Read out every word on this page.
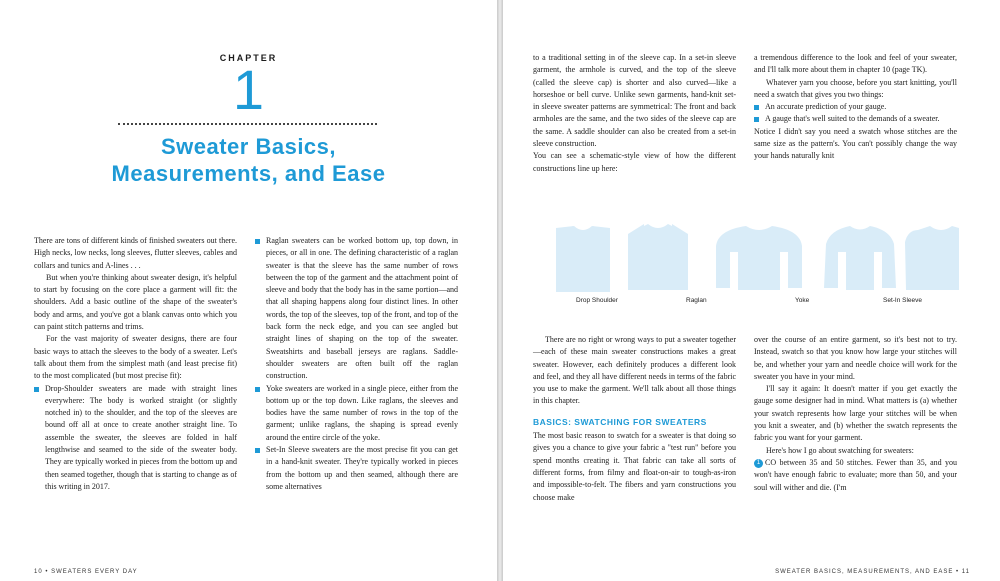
CHAPTER
1
Sweater Basics,
Measurements, and Ease

There are tons of different kinds of finished sweaters out there. High necks, low necks, long sleeves, flutter sleeves, cables and collars and tunics and A-lines . . .

But when you're thinking about sweater design, it's helpful to start by focusing on the core place a garment will fit: the shoulders. Add a basic outline of the shape of the sweater's body and arms, and you've got a blank canvas onto which you can paint stitch patterns and trims.

For the vast majority of sweater designs, there are four basic ways to attach the sleeves to the body of a sweater. Let's talk about them from the simplest math (and least precise fit) to the most complicated (but most precise fit):

Drop-Shoulder sweaters are made with straight lines everywhere: The body is worked straight (or slightly notched in) to the shoulder, and the top of the sleeves are bound off all at once to create another straight line. To assemble the sweater, the sleeves are folded in half lengthwise and seamed to the side of the sweater body. They are typically worked in pieces from the bottom up and then seamed together, though that is starting to change as of this writing in 2017.
Raglan sweaters can be worked bottom up, top down, in pieces, or all in one. The defining characteristic of a raglan sweater is that the sleeve has the same number of rows between the top of the garment and the attachment point of sleeve and body that the body has in the same portion—and that all shaping happens along four distinct lines. In other words, the top of the sleeves, top of the front, and top of the back form the neck edge, and you can see angled but straight lines of shaping on the top of the sweater. Sweatshirts and baseball jerseys are raglans. Saddle-shoulder sweaters are often built off the raglan construction.
Yoke sweaters are worked in a single piece, either from the bottom up or the top down. Like raglans, the sleeves and bodies have the same number of rows in the top of the garment; unlike raglans, the shaping is spread evenly around the entire circle of the yoke.
Set-In Sleeve sweaters are the most precise fit you can get in a hand-knit sweater. They're typically worked in pieces from the bottom up and then seamed, although there are some alternatives
10 • SWEATERS EVERY DAY

to a traditional setting in of the sleeve cap. In a set-in sleeve garment, the armhole is curved, and the top of the sleeve (called the sleeve cap) is shorter and also curved—like a horseshoe or bell curve. Unlike sewn garments, hand-knit set-in sleeve sweater patterns are symmetrical: The front and back armholes are the same, and the two sides of the sleeve cap are the same. A saddle shoulder can also be created from a set-in sleeve construction.

You can see a schematic-style view of how the different constructions line up here:

a tremendous difference to the look and feel of your sweater, and I'll talk more about them in chapter 10 (page TK).

Whatever yarn you choose, before you start knitting, you'll need a swatch that gives you two things:

An accurate prediction of your gauge.
A gauge that's well suited to the demands of a sweater.

Notice I didn't say you need a swatch whose stitches are the same size as the pattern's. You can't possibly change the way your hands naturally knit

Drop Shoulder	Raglan	Yoke	Set-In Sleeve

There are no right or wrong ways to put a sweater together—each of these main sweater constructions makes a great sweater. However, each definitely produces a different look and feel, and they all have different needs in terms of the fabric you use to make the garment. We'll talk about all those things in this chapter.

BASICS: SWATCHING FOR SWEATERS

The most basic reason to swatch for a sweater is that doing so gives you a chance to give your fabric a "test run" before you spend months creating it. That fabric can take all sorts of different forms, from filmy and float-on-air to tough-as-iron and impossible-to-felt. The fibers and yarn constructions you choose make

over the course of an entire garment, so it's best not to try. Instead, swatch so that you know how large your stitches will be, and whether your yarn and needle choice will work for the sweater you have in your mind.

I'll say it again: It doesn't matter if you get exactly the gauge some designer had in mind. What matters is (a) whether your swatch represents how large your stitches will be when you knit a sweater, and (b) whether the swatch represents the fabric you want for your garment.

Here's how I go about swatching for sweaters:

1 CO between 35 and 50 stitches. Fewer than 35, and you won't have enough fabric to evaluate; more than 50, and your soul will wither and die. (I'm

SWEATER BASICS, MEASUREMENTS, AND EASE • 11
